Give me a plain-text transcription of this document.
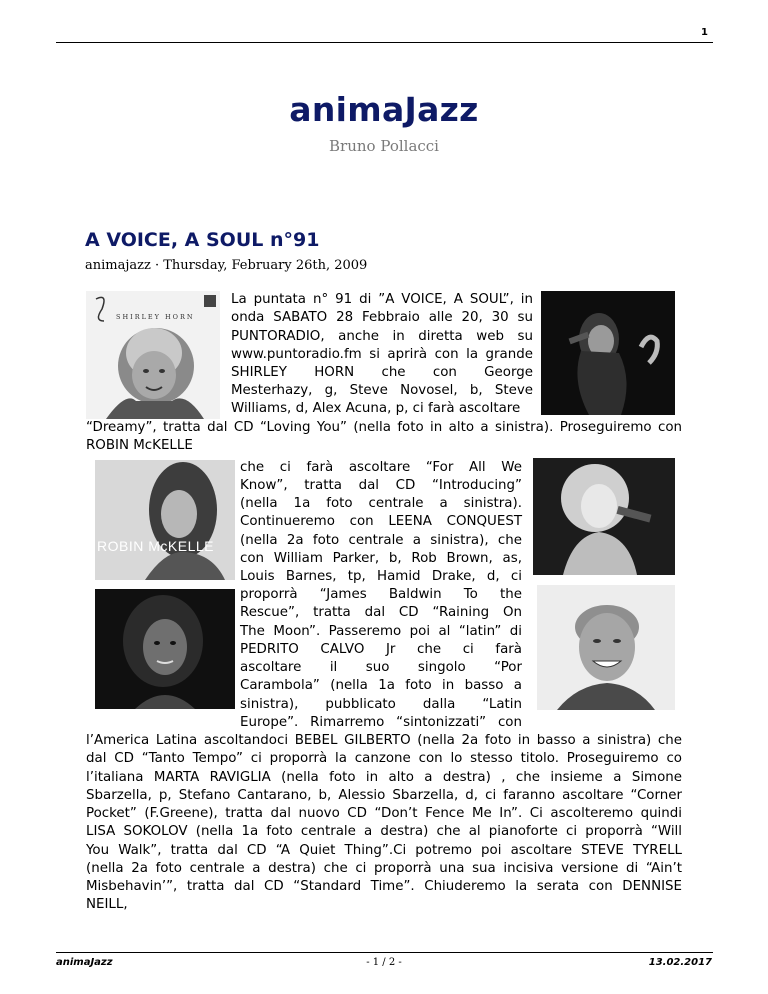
1
animaJazz
Bruno Pollacci
A VOICE, A SOUL n°91
animajazz · Thursday, February 26th, 2009
SHIRLEY HORN
ROBIN McKELLE
La puntata n° 91 di ”A VOICE, A SOUL”, in
onda SABATO 28 Febbraio alle 20, 30 su
PUNTORADIO, anche in diretta web su
www.puntoradio.fm si aprirà con la grande
SHIRLEY HORN che con George
Mesterhazy, g, Steve Novosel, b, Steve
Williams, d, Alex Acuna, p, ci farà ascoltare
“Dreamy”, tratta dal CD “Loving You” (nella foto in alto a sinistra). Proseguiremo con
ROBIN McKELLE
che ci farà ascoltare “For All We
Know”, tratta dal CD “Introducing”
(nella 1a foto centrale a sinistra).
Continueremo con LEENA CONQUEST
(nella 2a foto centrale a sinistra), che
con William Parker, b, Rob Brown, as,
Louis Barnes, tp, Hamid Drake, d, ci
proporrà “James Baldwin To the
Rescue”, tratta dal CD “Raining On
The Moon”. Passeremo poi al “latin” di
PEDRITO CALVO Jr che ci farà
ascoltare il suo singolo “Por
Carambola” (nella 1a foto in basso a
sinistra), pubblicato dalla “Latin
Europe”. Rimarremo “sintonizzati” con
l’America Latina ascoltandoci BEBEL GILBERTO (nella 2a foto in basso a sinistra) che
dal CD “Tanto Tempo” ci proporrà la canzone con lo stesso titolo. Proseguiremo co
l’italiana MARTA RAVIGLIA (nella foto in alto a destra) , che insieme a Simone
Sbarzella, p, Stefano Cantarano, b, Alessio Sbarzella, d, ci faranno ascoltare “Corner
Pocket” (F.Greene), tratta dal nuovo CD “Don’t Fence Me In”. Ci ascolteremo quindi
LISA SOKOLOV (nella 1a foto centrale a destra) che al pianoforte ci proporrà “Will
You Walk”, tratta dal CD “A Quiet Thing”.Ci potremo poi ascoltare STEVE TYRELL
(nella 2a foto centrale a destra) che ci proporrà una sua incisiva versione di “Ain’t
Misbehavin’”, tratta dal CD “Standard Time”. Chiuderemo la serata con DENNISE
NEILL,
animaJazz	- 1 / 2 -	13.02.2017
